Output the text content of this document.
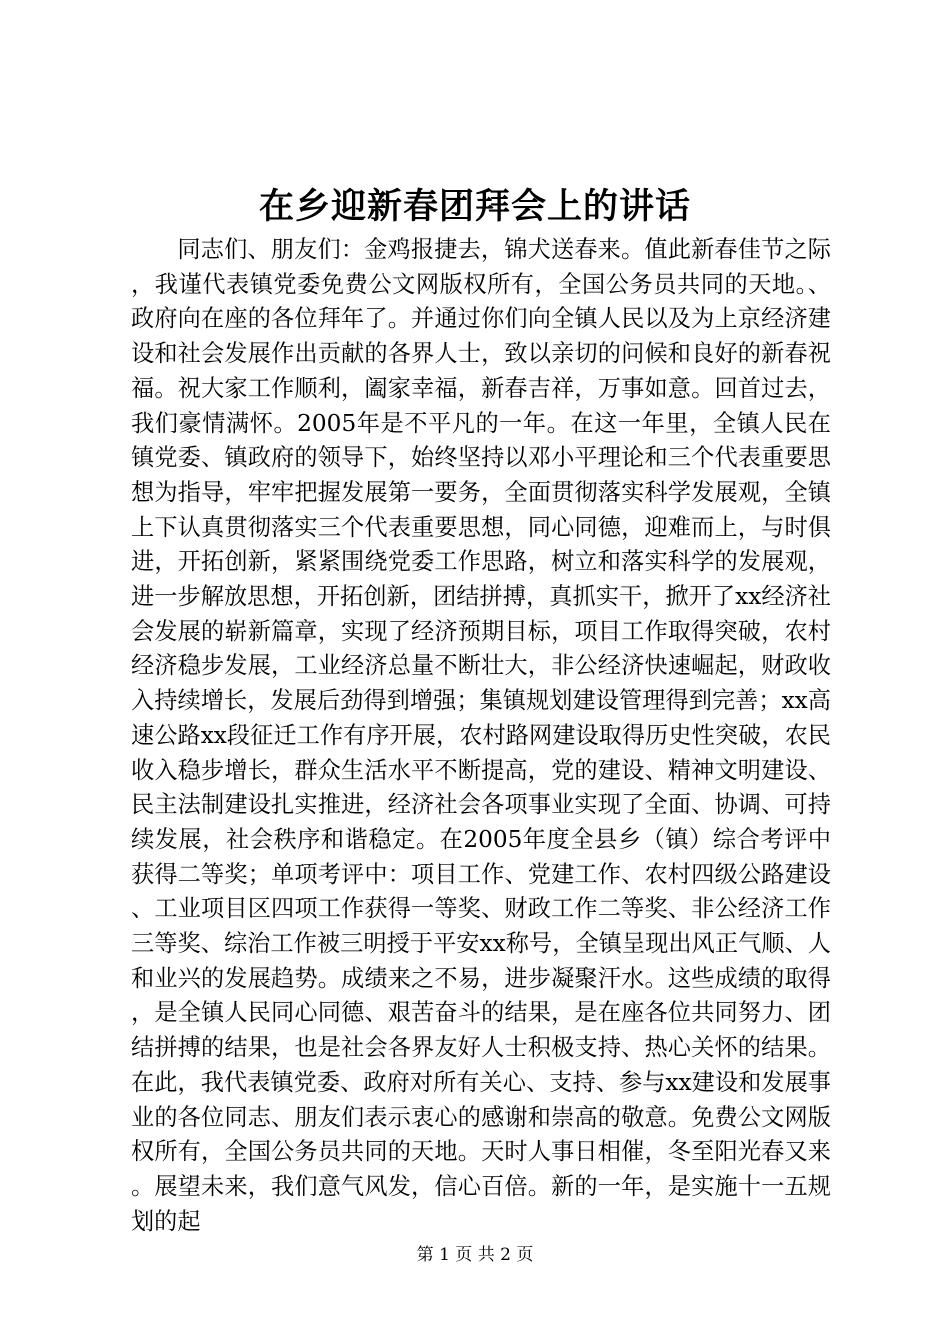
在乡迎新春团拜会上的讲话

同志们、朋友们：金鸡报捷去，锦犬送春来。值此新春佳节之际，我谨代表镇党委免费公文网版权所有，全国公务员共同的天地。、政府向在座的各位拜年了。并通过你们向全镇人民以及为上京经济建设和社会发展作出贡献的各界人士，致以亲切的问候和良好的新春祝福。祝大家工作顺利，阖家幸福，新春吉祥，万事如意。回首过去，我们豪情满怀。2005年是不平凡的一年。在这一年里，全镇人民在镇党委、镇政府的领导下，始终坚持以邓小平理论和三个代表重要思想为指导，牢牢把握发展第一要务，全面贯彻落实科学发展观，全镇上下认真贯彻落实三个代表重要思想，同心同德，迎难而上，与时俱进，开拓创新，紧紧围绕党委工作思路，树立和落实科学的发展观，进一步解放思想，开拓创新，团结拼搏，真抓实干，掀开了xx经济社会发展的崭新篇章，实现了经济预期目标，项目工作取得突破，农村经济稳步发展，工业经济总量不断壮大，非公经济快速崛起，财政收入持续增长，发展后劲得到增强；集镇规划建设管理得到完善；xx高速公路xx段征迁工作有序开展，农村路网建设取得历史性突破，农民收入稳步增长，群众生活水平不断提高，党的建设、精神文明建设、民主法制建设扎实推进，经济社会各项事业实现了全面、协调、可持续发展，社会秩序和谐稳定。在2005年度全县乡（镇）综合考评中获得二等奖；单项考评中：项目工作、党建工作、农村四级公路建设、工业项目区四项工作获得一等奖、财政工作二等奖、非公经济工作三等奖、综治工作被三明授于平安xx称号，全镇呈现出风正气顺、人和业兴的发展趋势。成绩来之不易，进步凝聚汗水。这些成绩的取得，是全镇人民同心同德、艰苦奋斗的结果，是在座各位共同努力、团结拼搏的结果，也是社会各界友好人士积极支持、热心关怀的结果。在此，我代表镇党委、政府对所有关心、支持、参与xx建设和发展事业的各位同志、朋友们表示衷心的感谢和崇高的敬意。免费公文网版权所有，全国公务员共同的天地。天时人事日相催，冬至阳光春又来。展望未来，我们意气风发，信心百倍。新的一年，是实施十一五规划的起

第 1 页 共 2 页
